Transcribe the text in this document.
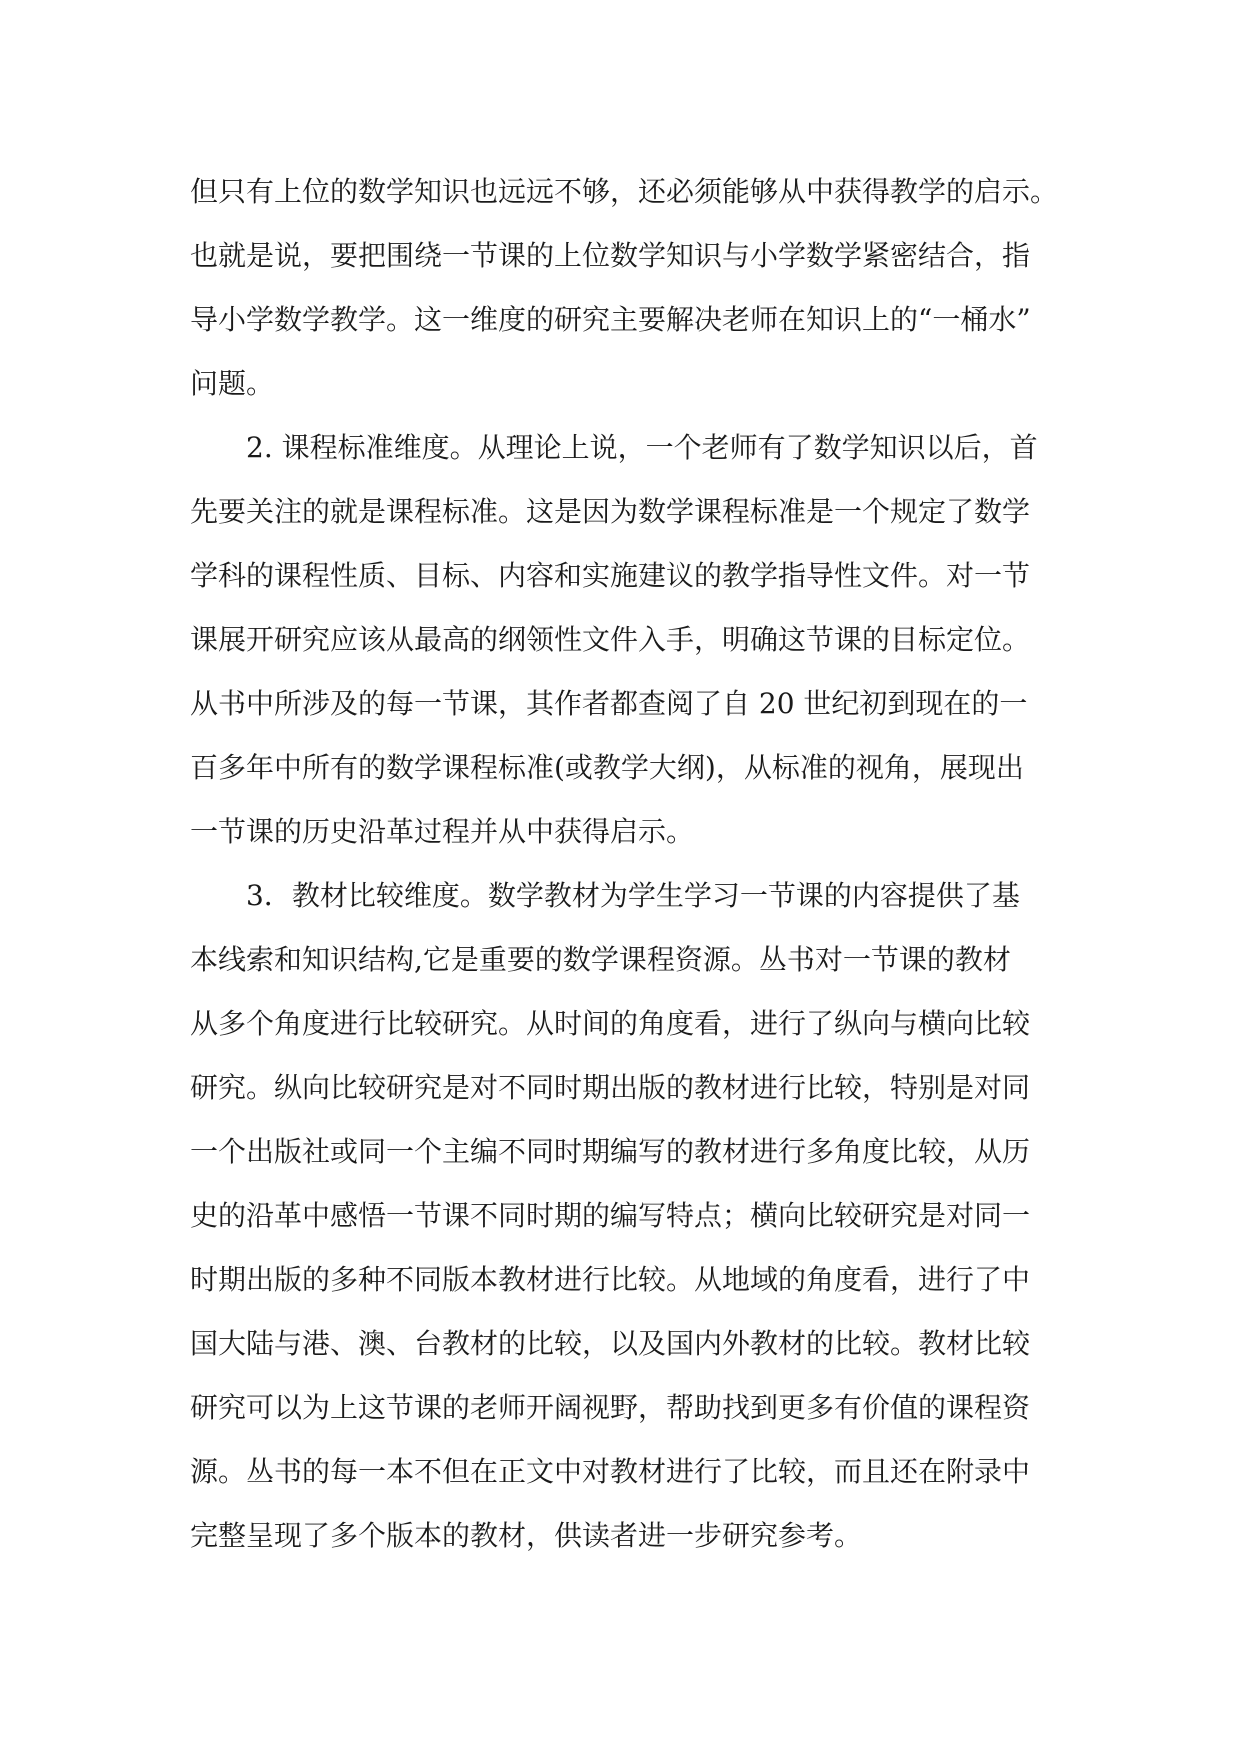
但只有上位的数学知识也远远不够，还必须能够从中获得教学的启示。
也就是说，要把围绕一节课的上位数学知识与小学数学紧密结合，指
导小学数学教学。这一维度的研究主要解决老师在知识上的“一桶水”
问题。
　　2. 课程标准维度。从理论上说，一个老师有了数学知识以后，首
先要关注的就是课程标准。这是因为数学课程标准是一个规定了数学
学科的课程性质、目标、内容和实施建议的教学指导性文件。对一节
课展开研究应该从最高的纲领性文件入手，明确这节课的目标定位。
从书中所涉及的每一节课，其作者都查阅了自 20 世纪初到现在的一
百多年中所有的数学课程标准(或教学大纲)，从标准的视角，展现出
一节课的历史沿革过程并从中获得启示。
　　3．教材比较维度。数学教材为学生学习一节课的内容提供了基
本线索和知识结构,它是重要的数学课程资源。丛书对一节课的教材
从多个角度进行比较研究。从时间的角度看，进行了纵向与横向比较
研究。纵向比较研究是对不同时期出版的教材进行比较，特别是对同
一个出版社或同一个主编不同时期编写的教材进行多角度比较，从历
史的沿革中感悟一节课不同时期的编写特点；横向比较研究是对同一
时期出版的多种不同版本教材进行比较。从地域的角度看，进行了中
国大陆与港、澳、台教材的比较，以及国内外教材的比较。教材比较
研究可以为上这节课的老师开阔视野，帮助找到更多有价值的课程资
源。丛书的每一本不但在正文中对教材进行了比较，而且还在附录中
完整呈现了多个版本的教材，供读者进一步研究参考。
